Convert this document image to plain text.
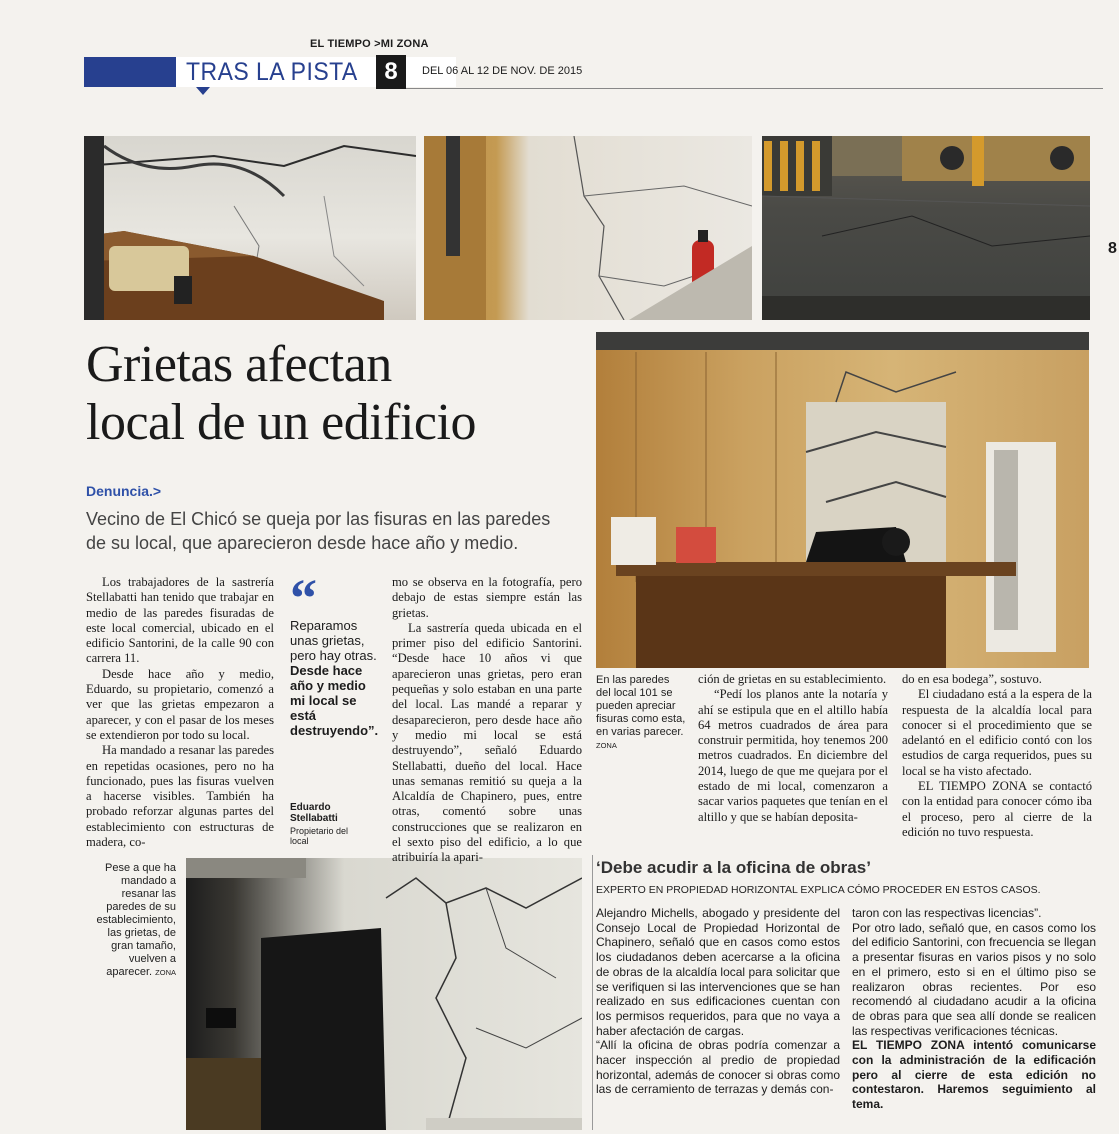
EL TIEMPO >MI ZONA
TRAS LA PISTA	8	DEL 06 AL 12 DE NOV. DE 2015
8
Grietas afectan
local de un edificio
Denuncia.>
Vecino de El Chicó se queja por las fisuras en las paredes
de su local, que aparecieron desde hace año y medio.

Los trabajadores de la sastrería Stellabatti han tenido que trabajar en medio de las paredes fisuradas de este local comercial, ubicado en el edificio Santorini, de la calle 90 con carrera 11.

Desde hace año y medio, Eduardo, su propietario, comenzó a ver que las grietas empezaron a aparecer, y con el pasar de los meses se extendieron por todo su local.

Ha mandado a resanar las paredes en repetidas ocasiones, pero no ha funcionado, pues las fisuras vuelven a hacerse visibles. También ha probado reforzar algunas partes del establecimiento con estructuras de madera, co-

“
Reparamos unas grietas, pero hay otras.
Desde hace año y medio mi local se está destruyendo”.
Eduardo Stellabatti
Propietario del local

mo se observa en la fotografía, pero debajo de estas siempre están las grietas.

La sastrería queda ubicada en el primer piso del edificio Santorini. “Desde hace 10 años vi que aparecieron unas grietas, pero eran pequeñas y solo estaban en una parte del local. Las mandé a reparar y desaparecieron, pero desde hace año y medio mi local se está destruyendo”, señaló Eduardo Stellabatti, dueño del local. Hace unas semanas remitió su queja a la Alcaldía de Chapinero, pues, entre otras, comentó sobre unas construcciones que se realizaron en el sexto piso del edificio, a lo que atribuiría la apari-

En las paredes del local 101 se pueden apreciar fisuras como esta, en varias parecer. ZONA

ción de grietas en su establecimiento.

“Pedí los planos ante la notaría y ahí se estipula que en el altillo había 64 metros cuadrados de área para construir permitida, hoy tenemos 200 metros cuadrados. En diciembre del 2014, luego de que me quejara por el estado de mi local, comenzaron a sacar varios paquetes que tenían en el altillo y que se habían deposita-

do en esa bodega”, sostuvo.

El ciudadano está a la espera de la respuesta de la alcaldía local para conocer si el procedimiento que se adelantó en el edificio contó con los estudios de carga requeridos, pues su local se ha visto afectado.

EL TIEMPO ZONA se contactó con la entidad para conocer cómo iba el proceso, pero al cierre de la edición no tuvo respuesta.

Pese a que ha mandado a resanar las paredes de su establecimiento, las grietas, de gran tamaño, vuelven a aparecer. ZONA
‘Debe acudir a la oficina de obras’
EXPERTO EN PROPIEDAD HORIZONTAL EXPLICA CÓMO PROCEDER EN ESTOS CASOS.

Alejandro Michells, abogado y presidente del Consejo Local de Propiedad Horizontal de Chapinero, señaló que en casos como estos los ciudadanos deben acercarse a la oficina de obras de la alcaldía local para solicitar que se verifiquen si las intervenciones que se han realizado en sus edificaciones cuentan con los permisos requeridos, para que no vaya a haber afectación de cargas.

“Allí la oficina de obras podría comenzar a hacer inspección al predio de propiedad horizontal, además de conocer si obras como las de cerramiento de terrazas y demás con-

taron con las respectivas licencias”.

Por otro lado, señaló que, en casos como los del edificio Santorini, con frecuencia se llegan a presentar fisuras en varios pisos y no solo en el primero, esto si en el último piso se realizaron obras recientes. Por eso recomendó al ciudadano acudir a la oficina de obras para que sea allí donde se realicen las respectivas verificaciones técnicas.

EL TIEMPO ZONA intentó comunicarse con la administración de la edificación pero al cierre de esta edición no contestaron. Haremos seguimiento al tema.
